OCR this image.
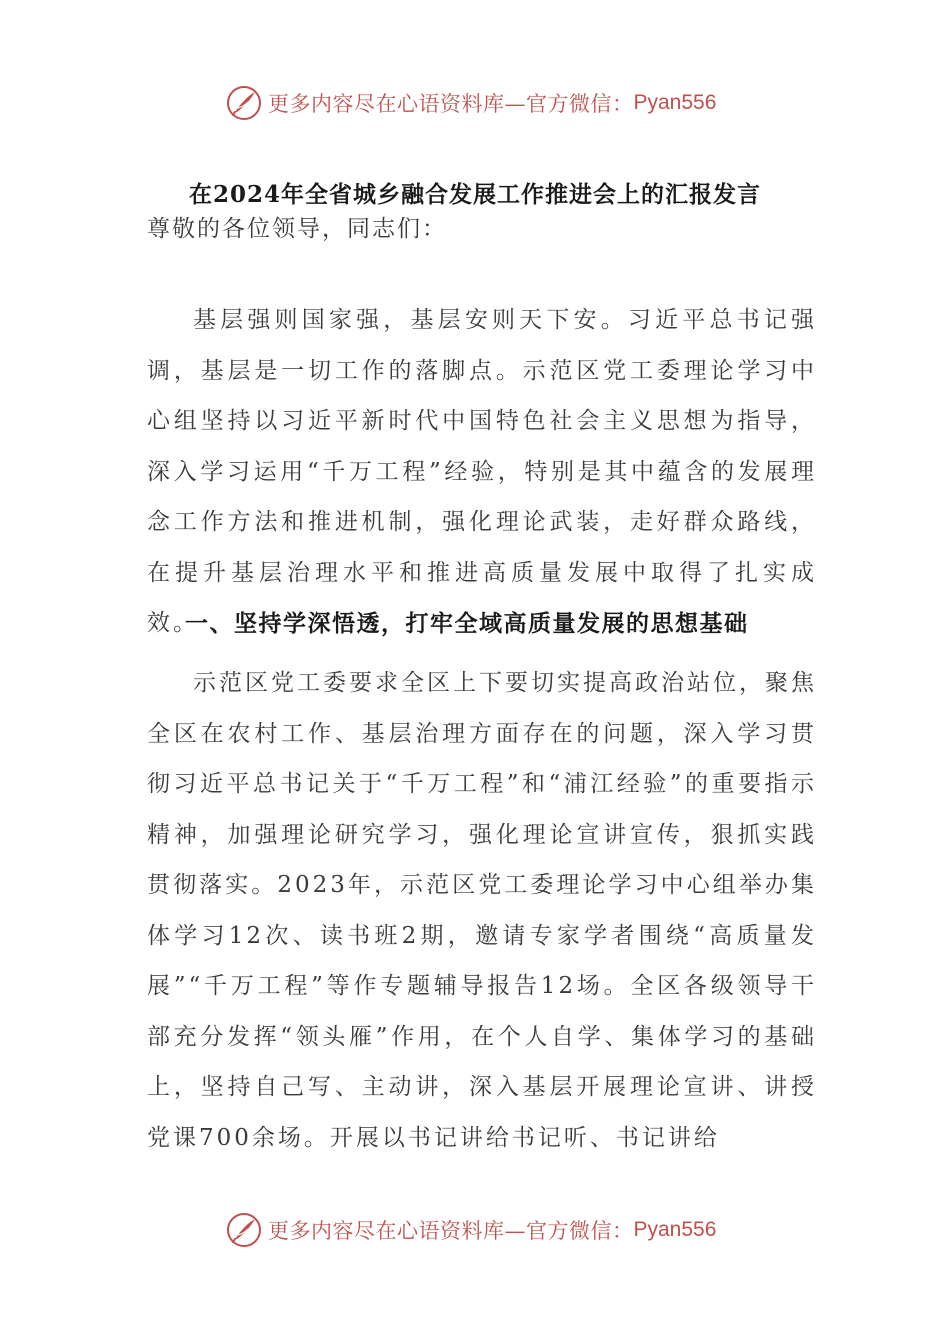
更多内容尽在心语资料库—官方微信： Pyan556
在2024年全省城乡融合发展工作推进会上的汇报发言
尊敬的各位领导，同志们：

基层强则国家强，基层安则天下安。习近平总书记强调，基层是一切工作的落脚点。示范区党工委理论学习中心组坚持以习近平新时代中国特色社会主义思想为指导，深入学习运用“千万工程”经验，特别是其中蕴含的发展理念工作方法和推进机制，强化理论武装，走好群众路线，在提升基层治理水平和推进高质量发展中取得了扎实成效。

一、坚持学深悟透，打牢全域高质量发展的思想基础

示范区党工委要求全区上下要切实提高政治站位，聚焦全区在农村工作、基层治理方面存在的问题，深入学习贯彻习近平总书记关于“千万工程”和“浦江经验”的重要指示精神，加强理论研究学习，强化理论宣讲宣传，狠抓实践贯彻落实。2023年，示范区党工委理论学习中心组举办集体学习12次、读书班2期，邀请专家学者围绕“高质量发展”“千万工程”等作专题辅导报告12场。全区各级领导干部充分发挥“领头雁”作用，在个人自学、集体学习的基础上，坚持自己写、主动讲，深入基层开展理论宣讲、讲授党课700余场。开展以书记讲给书记听、书记讲给

更多内容尽在心语资料库—官方微信： Pyan556
